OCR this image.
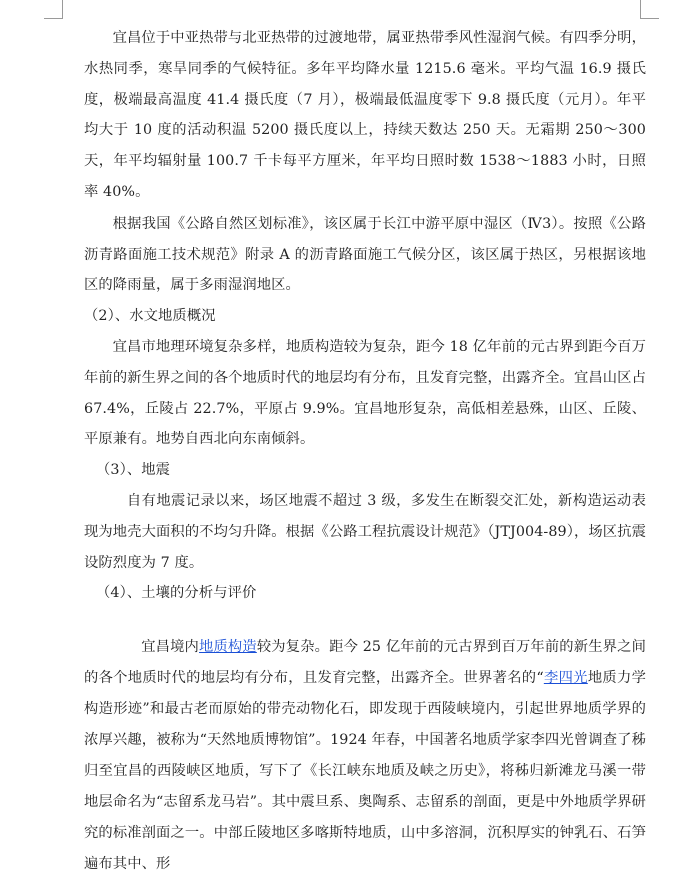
宜昌位于中亚热带与北亚热带的过渡地带，属亚热带季风性湿润气候。有四季分明，水热同季，寒旱同季的气候特征。多年平均降水量 1215.6 毫米。平均气温 16.9 摄氏度，极端最高温度 41.4 摄氏度（7 月），极端最低温度零下 9.8 摄氏度（元月）。年平均大于 10 度的活动积温 5200 摄氏度以上，持续天数达 250 天。无霜期 250～300 天，年平均辐射量 100.7 千卡每平方厘米，年平均日照时数 1538～1883 小时，日照率 40%。

根据我国《公路自然区划标准》，该区属于长江中游平原中湿区（Ⅳ3）。按照《公路沥青路面施工技术规范》附录 A 的沥青路面施工气候分区，该区属于热区，另根据该地区的降雨量，属于多雨湿润地区。

（2）、水文地质概况

宜昌市地理环境复杂多样，地质构造较为复杂，距今 18 亿年前的元古界到距今百万年前的新生界之间的各个地质时代的地层均有分布，且发育完整，出露齐全。宜昌山区占 67.4%，丘陵占 22.7%，平原占 9.9%。宜昌地形复杂，高低相差悬殊，山区、丘陵、平原兼有。地势自西北向东南倾斜。

（3）、地震

自有地震记录以来，场区地震不超过 3 级，多发生在断裂交汇处，新构造运动表现为地壳大面积的不均匀升降。根据《公路工程抗震设计规范》（JTJ004-89），场区抗震设防烈度为 7 度。

（4）、土壤的分析与评价

宜昌境内地质构造较为复杂。距今 25 亿年前的元古界到百万年前的新生界之间的各个地质时代的地层均有分布，且发育完整，出露齐全。世界著名的“李四光地质力学构造形迹”和最古老而原始的带壳动物化石，即发现于西陵峡境内，引起世界地质学界的浓厚兴趣，被称为“天然地质博物馆”。1924 年春，中国著名地质学家李四光曾调查了秭归至宜昌的西陵峡区地质，写下了《长江峡东地质及峡之历史》，将秭归新滩龙马溪一带地层命名为“志留系龙马岩”。其中震旦系、奥陶系、志留系的剖面，更是中外地质学界研究的标准剖面之一。中部丘陵地区多喀斯特地质，山中多溶洞，沉积厚实的钟乳石、石笋遍布其中、形
